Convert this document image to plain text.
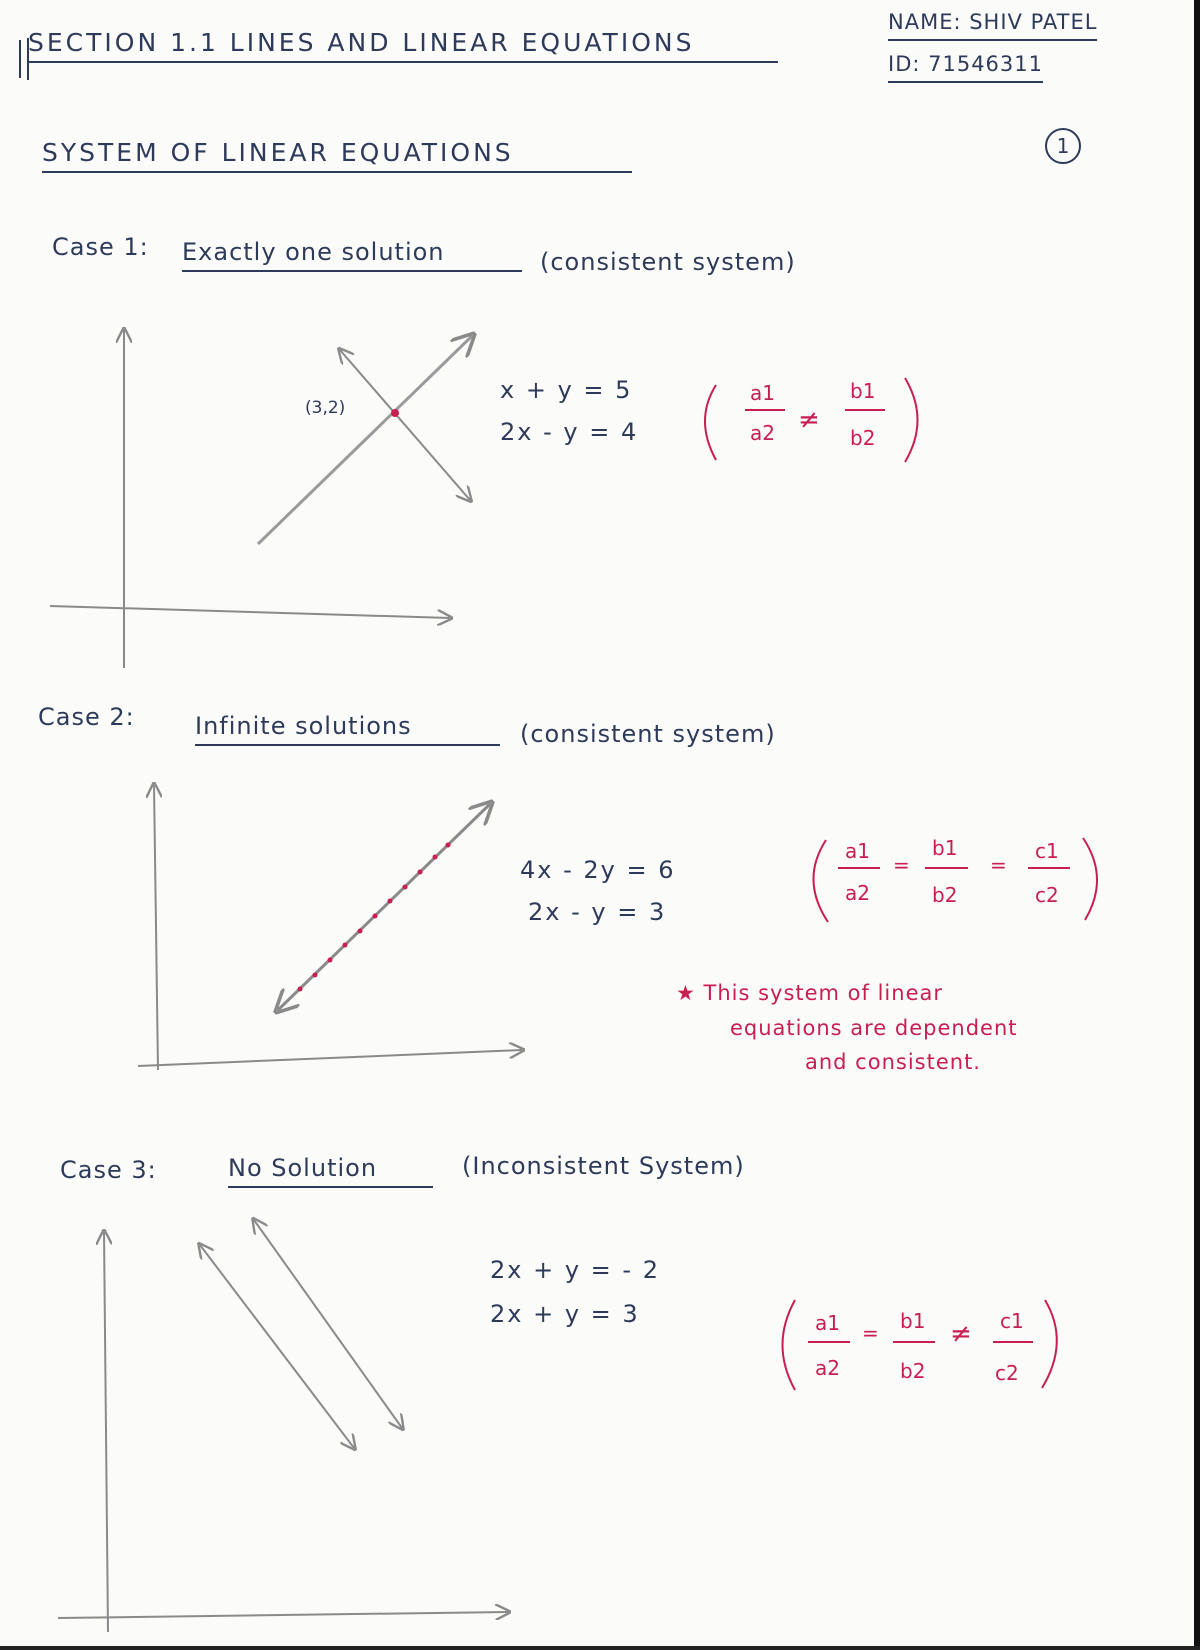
SECTION 1.1 LINES AND LINEAR EQUATIONS
NAME: SHIV PATEL
ID: 71546311
1
SYSTEM OF LINEAR EQUATIONS
Case 1: Exactly one solution	(consistent system)
(3,2)
x + y = 5
2x - y = 4
Case 2:	Infinite solutions	(consistent system)
4x - 2y = 6
2x - y = 3
★ This system of linear
equations are dependent
and consistent.
Case 3:	No Solution	(Inconsistent System)
2x + y = - 2
2x + y = 3
a1
a2 ≠
b1
b2
a1
a2
=
b1
b2
=
c1
c2
a1
a2
= b1
b2
≠ c1
c2
